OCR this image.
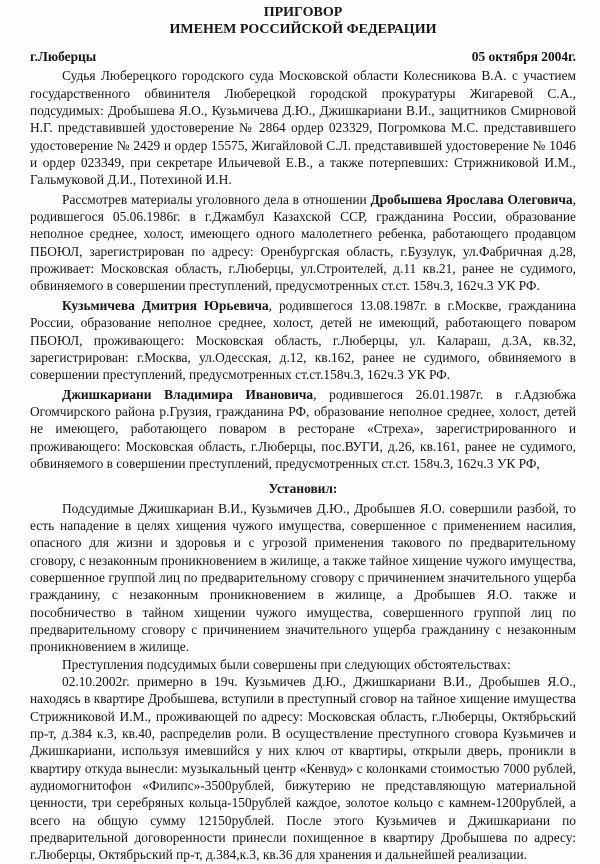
ПРИГОВОР
ИМЕНЕМ РОССИЙСКОЙ ФЕДЕРАЦИИ
г.Люберцы	05 октября 2004г.

Судья Люберецкого городского суда Московской области Колесникова В.А. с участием государственного обвинителя Люберецкой городской прокуратуры Жигаревой С.А., подсудимых: Дробышева Я.О., Кузьмичева Д.Ю., Джишкариани В.И., защитников Смирновой Н.Г. представившей удостоверение № 2864 ордер 023329, Погромкова М.С. представившего удостоверение № 2429 и ордер 15575, Жигайловой С.Л. представившей удостоверение № 1046 и ордер 023349, при секретаре Ильичевой Е.В., а также потерпевших: Стрижниковой И.М., Гальмуковой Д.И., Потехиной И.Н.

Рассмотрев материалы уголовного дела в отношении Дробышева Ярослава Олеговича, родившегося 05.06.1986г. в г.Джамбул Казахской ССР, гражданина России, образование неполное среднее, холост, имеющего одного малолетнего ребенка, работающего продавцом ПБОЮЛ, зарегистрирован по адресу: Оренбургская область, г.Бузулук, ул.Фабричная д.28, проживает: Московская область, г.Люберцы, ул.Строителей, д.11 кв.21, ранее не судимого, обвиняемого в совершении преступлений, предусмотренных ст.ст. 158ч.3, 162ч.3 УК РФ.

Кузьмичева Дмитрия Юрьевича, родившегося 13.08.1987г. в г.Москве, гражданина России, образование неполное среднее, холост, детей не имеющий, работающего поваром ПБОЮЛ, проживающего: Московская область, г.Люберцы, ул. Калараш, д.3А, кв.32, зарегистрирован: г.Москва, ул.Одесская, д.12, кв.162, ранее не судимого, обвиняемого в совершении преступлений, предусмотренных ст.ст.158ч.3, 162ч.3 УК РФ.

Джишкариани Владимира Ивановича, родившегося 26.01.1987г. в г.Адзюбжа Огомчирского района р.Грузия, гражданина РФ, образование неполное среднее, холост, детей не имеющего, работающего поваром в ресторане «Стреха», зарегистрированного и проживающего: Московская область, г.Люберцы, пос.ВУГИ, д.26, кв.161, ранее не судимого, обвиняемого в совершении преступлений, предусмотренных ст.ст. 158ч.3, 162ч.3 УК РФ,

Установил:

Подсудимые Джишкариан В.И., Кузьмичев Д.Ю., Дробышев Я.О. совершили разбой, то есть нападение в целях хищения чужого имущества, совершенное с применением насилия, опасного для жизни и здоровья и с угрозой применения такового по предварительному сговору, с незаконным проникновением в жилище, а также тайное хищение чужого имущества, совершенное группой лиц по предварительному сговору с причинением значительного ущерба гражданину, с незаконным проникновением в жилище, а Дробышев Я.О. также и пособничество в тайном хищении чужого имущества, совершенного группой лиц по предварительному сговору с причинением значительного ущерба гражданину с незаконным проникновением в жилище.

Преступления подсудимых были совершены при следующих обстоятельствах:

02.10.2002г. примерно в 19ч. Кузьмичев Д.Ю., Джишкариани В.И., Дробышев Я.О., находясь в квартире Дробышева, вступили в преступный сговор на тайное хищение имущества Стрижниковой И.М., проживающей по адресу: Московская область, г.Люберцы, Октябрьский пр-т, д.384 к.3, кв.40, распределив роли. В осуществление преступного сговора Кузьмичев и Джишкариани, используя имевшийся у них ключ от квартиры, открыли дверь, проникли в квартиру откуда вынесли: музыкальный центр «Кенвуд» с колонками стоимостью 7000 рублей, аудиомогнитофон «Филипс»-3500рублей, бижутерию не представляющую материальной ценности, три серебряных кольца-150рублей каждое, золотое кольцо с камнем-1200рублей, а всего на общую сумму 12150рублей. После этого Кузьмичев и Джишкариани по предварительной договоренности принесли похищенное в квартиру Дробышева по адресу: г.Люберцы, Октябрьский пр-т, д.384,к.3, кв.36 для хранения и дальнейшей реализации.
